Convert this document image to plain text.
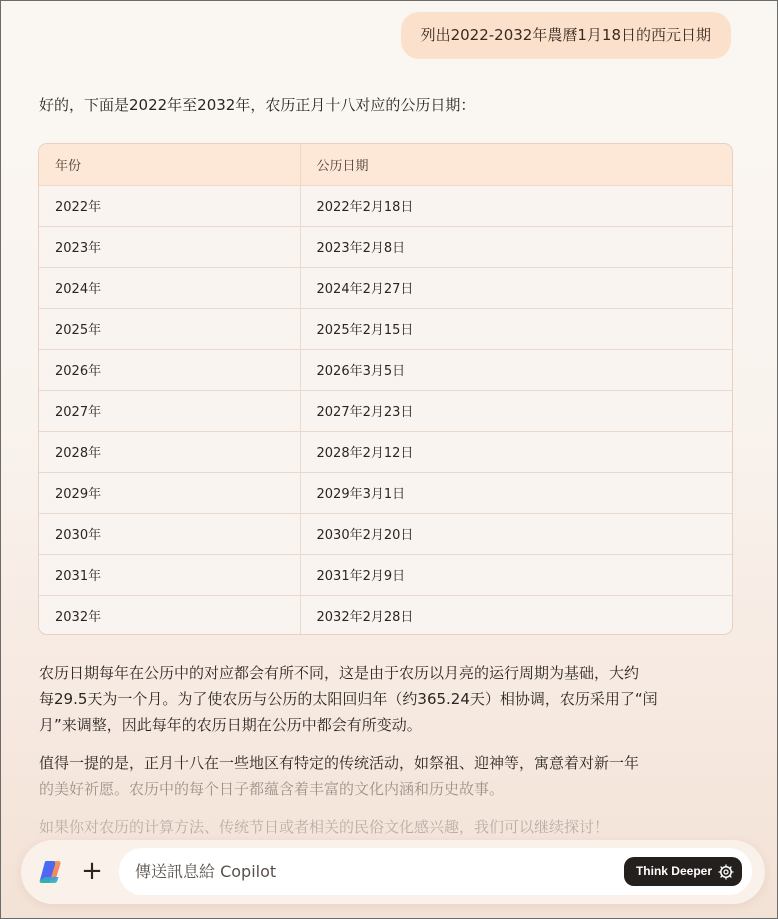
列出2022-2032年農曆1月18日的西元日期
好的，下面是2022年至2032年，农历正月十八对应的公历日期：
年份	公历日期
2022年	2022年2月18日
2023年	2023年2月8日
2024年	2024年2月27日
2025年	2025年2月15日
2026年	2026年3月5日
2027年	2027年2月23日
2028年	2028年2月12日
2029年	2029年3月1日
2030年	2030年2月20日
2031年	2031年2月9日
2032年	2032年2月28日
农历日期每年在公历中的对应都会有所不同，这是由于农历以月亮的运行周期为基础，大约
每29.5天为一个月。为了使农历与公历的太阳回归年（约365.24天）相协调，农历采用了“闰
月”来调整，因此每年的农历日期在公历中都会有所变动。
值得一提的是，正月十八在一些地区有特定的传统活动，如祭祖、迎神等，寓意着对新一年
的美好祈愿。农历中的每个日子都蕴含着丰富的文化内涵和历史故事。
如果你对农历的计算方法、传统节日或者相关的民俗文化感兴趣，我们可以继续探讨！
+
傳送訊息給 Copilot	Think Deeper
